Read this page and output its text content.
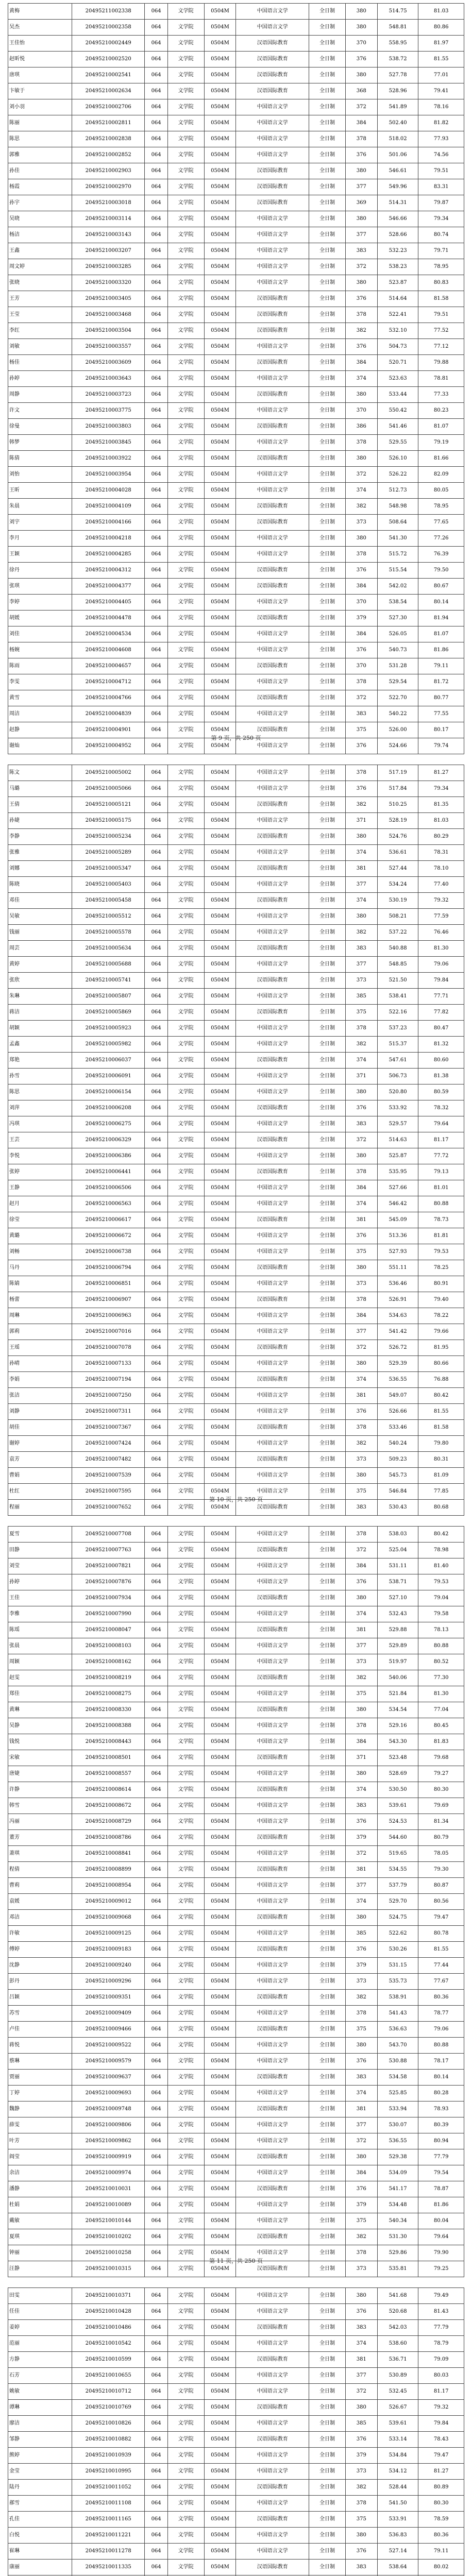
黄梅	20495211002338	064	文学院	0504M	中国语言文学	全日制	380	514.75	81.03
吴杰	20495210002358	064	文学院	0504M	中国语言文学	全日制	380	548.81	80.86
王佳怡	20495210002449	064	文学院	0504M	汉语国际教育	全日制	370	558.95	81.97
赵昕悦	20495210002520	064	文学院	0504M	汉语国际教育	全日制	376	538.72	81.55
唐琪	20495210002541	064	文学院	0504M	汉语国际教育	全日制	380	527.78	77.01
卞敏于	20495210002634	064	文学院	0504M	汉语国际教育	全日制	368	528.96	79.41
刘小羽	20495210002706	064	文学院	0504M	中国语言文学	全日制	372	541.89	78.16
陈丽	20495210002811	064	文学院	0504M	中国语言文学	全日制	384	502.40	81.82
陈思	20495210002838	064	文学院	0504M	中国语言文学	全日制	378	518.02	77.93
郭雅	20495210002852	064	文学院	0504M	中国语言文学	全日制	376	501.06	74.56
孙佳	20495210002903	064	文学院	0504M	汉语国际教育	全日制	380	546.61	79.51
杨霞	20495210002970	064	文学院	0504M	汉语国际教育	全日制	377	549.96	83.31
孙宇	20495210003018	064	文学院	0504M	汉语国际教育	全日制	369	514.31	79.87
吴晓	20495210003114	064	文学院	0504M	中国语言文学	全日制	380	546.66	79.34
杨洁	20495210003143	064	文学院	0504M	中国语言文学	全日制	377	528.66	80.74
王鑫	20495210003207	064	文学院	0504M	中国语言文学	全日制	383	532.23	79.71
周文婷	20495210003285	064	文学院	0504M	中国语言文学	全日制	372	538.23	78.95
张晓	20495210003320	064	文学院	0504M	中国语言文学	全日制	380	523.87	80.83
王芳	20495210003405	064	文学院	0504M	汉语国际教育	全日制	376	514.64	81.58
王莹	20495210003468	064	文学院	0504M	汉语国际教育	全日制	378	522.41	79.51
李红	20495210003504	064	文学院	0504M	汉语国际教育	全日制	382	532.10	77.52
刘敏	20495210003557	064	文学院	0504M	中国语言文学	全日制	376	504.73	77.12
杨佳	20495210003609	064	文学院	0504M	汉语国际教育	全日制	384	520.71	79.88
孙婷	20495210003643	064	文学院	0504M	中国语言文学	全日制	374	523.63	78.81
周静	20495210003723	064	文学院	0504M	汉语国际教育	全日制	380	533.44	77.33
许文	20495210003775	064	文学院	0504M	中国语言文学	全日制	370	550.42	80.23
徐曼	20495210003803	064	文学院	0504M	汉语国际教育	全日制	386	541.46	81.07
韩梦	20495210003845	064	文学院	0504M	中国语言文学	全日制	378	529.55	79.19
陈倩	20495210003922	064	文学院	0504M	汉语国际教育	全日制	380	526.10	81.66
刘怡	20495210003954	064	文学院	0504M	中国语言文学	全日制	372	526.22	82.09
王昕	20495210004028	064	文学院	0504M	中国语言文学	全日制	374	512.73	80.05
朱晨	20495210004109	064	文学院	0504M	汉语国际教育	全日制	382	548.98	78.95
刘宇	20495210004166	064	文学院	0504M	汉语国际教育	全日制	373	508.64	77.65
李月	20495210004218	064	文学院	0504M	中国语言文学	全日制	380	541.30	77.26
王颖	20495210004285	064	文学院	0504M	中国语言文学	全日制	378	515.72	76.39
徐丹	20495210004312	064	文学院	0504M	汉语国际教育	全日制	376	515.54	79.50
张琪	20495210004377	064	文学院	0504M	汉语国际教育	全日制	384	542.02	80.67
李婷	20495210004405	064	文学院	0504M	中国语言文学	全日制	370	538.54	80.14
胡媛	20495210004478	064	文学院	0504M	汉语国际教育	全日制	379	527.30	81.94
刘佳	20495210004534	064	文学院	0504M	中国语言文学	全日制	384	526.05	81.07
杨婉	20495210004608	064	文学院	0504M	中国语言文学	全日制	376	540.73	81.86
陈雨	20495210004657	064	文学院	0504M	汉语国际教育	全日制	370	531.28	79.11
李雯	20495210004712	064	文学院	0504M	中国语言文学	全日制	378	529.54	81.72
黄雪	20495210004766	064	文学院	0504M	汉语国际教育	全日制	372	522.70	80.77
周洁	20495210004839	064	文学院	0504M	中国语言文学	全日制	383	540.22	77.55
赵静	20495210004901	064	文学院	0504M	汉语国际教育	全日制	375	526.00	80.17
谢灿	20495210004952	064	文学院	0504M	中国语言文学	全日制	376	524.66	79.74
第 9 页，共 250 页
陈文	20495210005002	064	文学院	0504M	中国语言文学	全日制	378	517.19	81.27
马璐	20495210005066	064	文学院	0504M	中国语言文学	全日制	376	517.84	79.34
王倩	20495210005121	064	文学院	0504M	汉语国际教育	全日制	382	510.25	81.35
孙婕	20495210005175	064	文学院	0504M	中国语言文学	全日制	371	528.19	81.03
李静	20495210005234	064	文学院	0504M	汉语国际教育	全日制	380	524.76	80.29
张雅	20495210005289	064	文学院	0504M	中国语言文学	全日制	374	536.61	78.31
刘娜	20495210005347	064	文学院	0504M	汉语国际教育	全日制	381	527.44	78.10
陈晓	20495210005403	064	文学院	0504M	中国语言文学	全日制	377	534.24	77.40
邓佳	20495210005458	064	文学院	0504M	汉语国际教育	全日制	374	530.19	79.32
吴敏	20495210005512	064	文学院	0504M	中国语言文学	全日制	380	508.21	77.59
钱丽	20495210005578	064	文学院	0504M	中国语言文学	全日制	382	537.22	76.46
周芸	20495210005634	064	文学院	0504M	汉语国际教育	全日制	383	540.88	81.30
黄婷	20495210005688	064	文学院	0504M	中国语言文学	全日制	377	548.85	79.06
张欣	20495210005741	064	文学院	0504M	汉语国际教育	全日制	373	521.50	79.84
朱琳	20495210005807	064	文学院	0504M	中国语言文学	全日制	385	538.41	77.71
蒋洁	20495210005869	064	文学院	0504M	汉语国际教育	全日制	375	522.16	77.82
胡颖	20495210005923	064	文学院	0504M	中国语言文学	全日制	378	537.23	80.47
孟鑫	20495210005982	064	文学院	0504M	中国语言文学	全日制	382	515.37	81.32
郑艳	20495210006037	064	文学院	0504M	汉语国际教育	全日制	374	547.61	80.60
孙雪	20495210006091	064	文学院	0504M	中国语言文学	全日制	371	506.73	81.38
陈思	20495210006154	064	文学院	0504M	中国语言文学	全日制	380	520.80	80.59
刘萍	20495210006208	064	文学院	0504M	汉语国际教育	全日制	376	533.92	78.32
冯琪	20495210006275	064	文学院	0504M	中国语言文学	全日制	383	529.57	79.64
王芸	20495210006329	064	文学院	0504M	汉语国际教育	全日制	372	514.63	81.17
李悦	20495210006386	064	文学院	0504M	中国语言文学	全日制	380	525.87	77.72
张婷	20495210006441	064	文学院	0504M	汉语国际教育	全日制	378	535.95	79.13
王静	20495210006506	064	文学院	0504M	中国语言文学	全日制	384	527.66	81.01
赵月	20495210006563	064	文学院	0504M	中国语言文学	全日制	374	546.42	80.88
徐莹	20495210006617	064	文学院	0504M	汉语国际教育	全日制	381	545.09	78.73
黄璐	20495210006672	064	文学院	0504M	中国语言文学	全日制	376	513.36	81.81
刘畅	20495210006738	064	文学院	0504M	中国语言文学	全日制	375	527.93	79.53
马丹	20495210006794	064	文学院	0504M	汉语国际教育	全日制	380	551.11	78.25
陈婧	20495210006851	064	文学院	0504M	中国语言文学	全日制	373	536.46	80.91
杨蕾	20495210006907	064	文学院	0504M	汉语国际教育	全日制	378	526.91	79.40
周琳	20495210006963	064	文学院	0504M	中国语言文学	全日制	384	534.63	78.22
郭莉	20495210007016	064	文学院	0504M	中国语言文学	全日制	377	541.42	79.66
王瑶	20495210007078	064	文学院	0504M	汉语国际教育	全日制	372	526.72	81.95
孙晴	20495210007133	064	文学院	0504M	中国语言文学	全日制	380	529.39	80.66
李娟	20495210007194	064	文学院	0504M	汉语国际教育	全日制	374	536.55	76.88
张洁	20495210007250	064	文学院	0504M	中国语言文学	全日制	381	549.07	80.42
刘静	20495210007311	064	文学院	0504M	中国语言文学	全日制	376	526.66	81.55
胡佳	20495210007367	064	文学院	0504M	汉语国际教育	全日制	378	533.46	81.58
谢婷	20495210007424	064	文学院	0504M	中国语言文学	全日制	382	540.24	79.80
袁芳	20495210007482	064	文学院	0504M	汉语国际教育	全日制	373	509.23	80.31
曹娟	20495210007539	064	文学院	0504M	中国语言文学	全日制	380	545.73	81.09
杜红	20495210007595	064	文学院	0504M	中国语言文学	全日制	375	546.84	77.85
程丽	20495210007652	064	文学院	0504M	汉语国际教育	全日制	383	530.43	80.68
第 10 页，共 250 页
夏雪	20495210007708	064	文学院	0504M	中国语言文学	全日制	378	538.03	80.42
田静	20495210007763	064	文学院	0504M	汉语国际教育	全日制	372	525.04	78.98
刘莹	20495210007821	064	文学院	0504M	中国语言文学	全日制	384	531.11	81.40
孙婷	20495210007876	064	文学院	0504M	中国语言文学	全日制	376	538.71	79.53
王佳	20495210007934	064	文学院	0504M	汉语国际教育	全日制	380	527.10	79.04
李雅	20495210007990	064	文学院	0504M	中国语言文学	全日制	374	532.43	79.58
陈瑶	20495210008047	064	文学院	0504M	汉语国际教育	全日制	381	529.88	78.13
张晨	20495210008103	064	文学院	0504M	中国语言文学	全日制	377	529.89	80.88
周颖	20495210008162	064	文学院	0504M	中国语言文学	全日制	373	519.97	80.52
赵雯	20495210008219	064	文学院	0504M	汉语国际教育	全日制	382	540.06	77.30
郑佳	20495210008275	064	文学院	0504M	中国语言文学	全日制	375	521.84	81.30
黄琳	20495210008330	064	文学院	0504M	汉语国际教育	全日制	380	534.54	77.04
吴静	20495210008388	064	文学院	0504M	中国语言文学	全日制	378	529.16	80.45
钱悦	20495210008443	064	文学院	0504M	中国语言文学	全日制	384	543.30	81.83
宋敏	20495210008501	064	文学院	0504M	汉语国际教育	全日制	371	523.48	79.68
唐婕	20495210008557	064	文学院	0504M	中国语言文学	全日制	380	528.69	79.27
许静	20495210008614	064	文学院	0504M	汉语国际教育	全日制	374	530.50	80.30
韩雪	20495210008672	064	文学院	0504M	中国语言文学	全日制	383	539.61	79.69
冯丽	20495210008729	064	文学院	0504M	中国语言文学	全日制	376	524.53	81.34
董芳	20495210008786	064	文学院	0504M	汉语国际教育	全日制	379	544.60	80.79
萧琪	20495210008841	064	文学院	0504M	中国语言文学	全日制	372	519.65	78.05
程倩	20495210008899	064	文学院	0504M	汉语国际教育	全日制	381	534.55	79.30
曹莉	20495210008954	064	文学院	0504M	中国语言文学	全日制	377	537.79	80.87
袁媛	20495210009012	064	文学院	0504M	中国语言文学	全日制	374	529.70	80.56
邓洁	20495210009068	064	文学院	0504M	汉语国际教育	全日制	380	524.75	79.47
许敏	20495210009125	064	文学院	0504M	中国语言文学	全日制	385	522.62	80.78
傅婷	20495210009183	064	文学院	0504M	汉语国际教育	全日制	376	530.26	81.55
沈静	20495210009240	064	文学院	0504M	中国语言文学	全日制	379	531.15	77.44
彭丹	20495210009296	064	文学院	0504M	中国语言文学	全日制	373	535.73	77.67
吕颖	20495210009351	064	文学院	0504M	汉语国际教育	全日制	382	538.91	80.36
苏雪	20495210009409	064	文学院	0504M	中国语言文学	全日制	378	541.43	78.77
卢佳	20495210009466	064	文学院	0504M	汉语国际教育	全日制	375	536.63	79.06
蒋悦	20495210009522	064	文学院	0504M	中国语言文学	全日制	380	543.70	80.88
蔡琳	20495210009579	064	文学院	0504M	中国语言文学	全日制	376	530.88	78.17
贾丽	20495210009637	064	文学院	0504M	汉语国际教育	全日制	383	534.58	80.14
丁婷	20495210009693	064	文学院	0504M	中国语言文学	全日制	374	525.85	80.28
魏静	20495210009748	064	文学院	0504M	汉语国际教育	全日制	381	533.94	78.93
薛雯	20495210009806	064	文学院	0504M	中国语言文学	全日制	377	530.07	80.39
叶芳	20495210009862	064	文学院	0504M	中国语言文学	全日制	372	536.55	80.94
阎莹	20495210009919	064	文学院	0504M	汉语国际教育	全日制	380	529.38	77.79
余洁	20495210009974	064	文学院	0504M	中国语言文学	全日制	384	534.09	79.54
潘静	20495210010031	064	文学院	0504M	汉语国际教育	全日制	376	541.17	78.87
杜娟	20495210010089	064	文学院	0504M	中国语言文学	全日制	379	534.48	81.86
戴敏	20495210010144	064	文学院	0504M	中国语言文学	全日制	375	540.34	80.04
夏琪	20495210010202	064	文学院	0504M	汉语国际教育	全日制	382	531.30	79.64
钟丽	20495210010258	064	文学院	0504M	中国语言文学	全日制	378	529.86	79.90
汪静	20495210010315	064	文学院	0504M	汉语国际教育	全日制	373	535.81	79.25
第 11 页，共 250 页
田雯	20495210010371	064	文学院	0504M	中国语言文学	全日制	380	541.68	79.49
任佳	20495210010428	064	文学院	0504M	中国语言文学	全日制	376	520.68	81.43
姜婷	20495210010486	064	文学院	0504M	汉语国际教育	全日制	383	542.03	77.79
范丽	20495210010542	064	文学院	0504M	中国语言文学	全日制	374	538.60	78.79
方静	20495210010599	064	文学院	0504M	汉语国际教育	全日制	381	536.71	79.09
石芳	20495210010655	064	文学院	0504M	中国语言文学	全日制	377	530.89	80.03
姚敏	20495210010712	064	文学院	0504M	中国语言文学	全日制	372	532.45	81.17
谭琳	20495210010769	064	文学院	0504M	汉语国际教育	全日制	380	526.67	79.32
廖洁	20495210010826	064	文学院	0504M	中国语言文学	全日制	385	539.61	79.84
邹静	20495210010882	064	文学院	0504M	汉语国际教育	全日制	376	533.14	78.43
熊婷	20495210010939	064	文学院	0504M	中国语言文学	全日制	379	534.84	79.47
金莹	20495210010995	064	文学院	0504M	中国语言文学	全日制	373	534.12	81.27
陆丹	20495210011052	064	文学院	0504M	汉语国际教育	全日制	382	528.44	80.89
郝雪	20495210011108	064	文学院	0504M	中国语言文学	全日制	378	541.50	80.30
孔佳	20495210011165	064	文学院	0504M	汉语国际教育	全日制	375	533.91	78.59
白悦	20495210011221	064	文学院	0504M	中国语言文学	全日制	380	536.83	80.36
崔琳	20495210011278	064	文学院	0504M	中国语言文学	全日制	376	527.14	79.11
康丽	20495210011335	064	文学院	0504M	汉语国际教育	全日制	383	538.64	80.02
